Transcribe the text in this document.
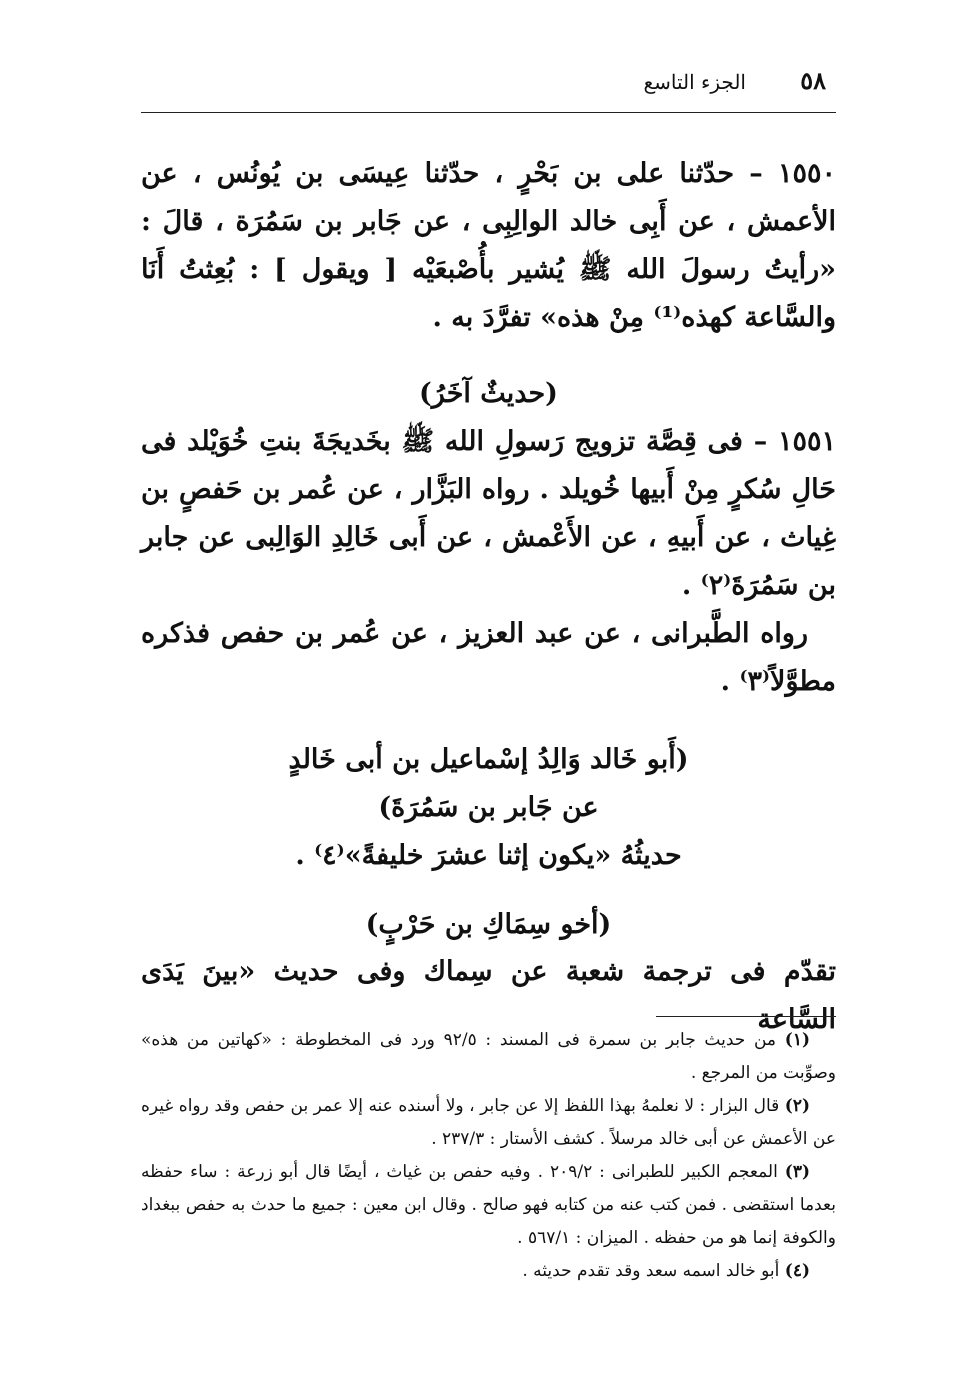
٥٨
الجزء التاسع

١٥٥٠ – حدّثنا على بن بَحْرٍ ، حدّثنا عِيسَى بن يُونُس ، عن الأعمش ، عن أَبِى خالد الوالِبِى ، عن جَابر بن سَمُرَة ، قالَ : «رأيتُ رسولَ الله ﷺ يُشير بأُصْبعَيْه [ ويقول ] : بُعِثتُ أَنَا والسَّاعة كهذه⁽¹⁾ مِنْ هذه» تفرَّدَ به .

(حديثٌ آخَرُ)

١٥٥١ – فى قِصَّة تزويج رَسولِ الله ﷺ بخَديجَةَ بنتِ خُوَيْلد فى حَالِ سُكرٍ مِنْ أَبيها خُويلد . رواه البَزَّار ، عن عُمر بن حَفصٍ بن غِياث ، عن أَبيهِ ، عن الأَعْمش ، عن أَبى خَالِدِ الوَالِبى عن جابر بن سَمُرَةَ⁽٢⁾ .

رواه الطَّبرانى ، عن عبد العزيز ، عن عُمر بن حفص فذكره مطوَّلاً⁽٣⁾ .

(أَبو خَالد وَالِدُ إسْماعيل بن أبى خَالدٍ

عن جَابر بن سَمُرَةَ)

حديثُهُ «يكون إثنا عشرَ خليفةً»⁽٤⁾ .

(أخو سِمَاكِ بن حَرْبٍ)

تقدّم فى ترجمة شعبة عن سِماك وفى حديث «بينَ يَدَى السَّاعة

(١) من حديث جابر بن سمرة فى المسند : ٩٢/٥ ورد فى المخطوطة : «كهاتين من هذه» وصوِّبت من المرجع .

(٢) قال البزار : لا نعلمهُ بهذا اللفظ إلا عن جابر ، ولا أسنده عنه إلا عمر بن حفص وقد رواه غيره عن الأعمش عن أبى خالد مرسلاً . كشف الأستار : ٢٣٧/٣ .

(٣) المعجم الكبير للطبرانى : ٢٠٩/٢ . وفيه حفص بن غياث ، أيضًا قال أبو زرعة : ساء حفظه بعدما استقضى . فمن كتب عنه من كتابه فهو صالح . وقال ابن معين : جميع ما حدث به حفص ببغداد والكوفة إنما هو من حفظه . الميزان : ٥٦٧/١ .

(٤) أبو خالد اسمه سعد وقد تقدم حديثه .
